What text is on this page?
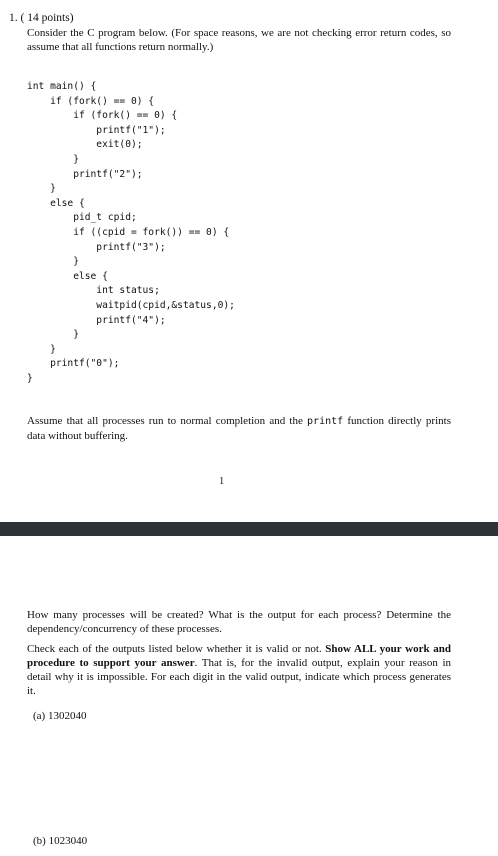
1. ( 14 points)
Consider the C program below. (For space reasons, we are not checking error return codes, so assume that all functions return normally.)
int main() {
if (fork() == 0) {
if (fork() == 0) {
printf("1");
exit(0);
}
printf("2");
}
else {
pid_t cpid;
if ((cpid = fork()) == 0) {
printf("3");
}
else {
int status;
waitpid(cpid,&status,0);
printf("4");
}
}
printf("0");
}

Assume that all processes run to normal completion and the printf function directly prints data without buffering.
1
How many processes will be created? What is the output for each process? Determine the dependency/concurrency of these processes.
Check each of the outputs listed below whether it is valid or not. Show ALL your work and procedure to support your answer. That is, for the invalid output, explain your reason in detail why it is impossible. For each digit in the valid output, indicate which process generates it.
(a) 1302040
(b) 1023040
